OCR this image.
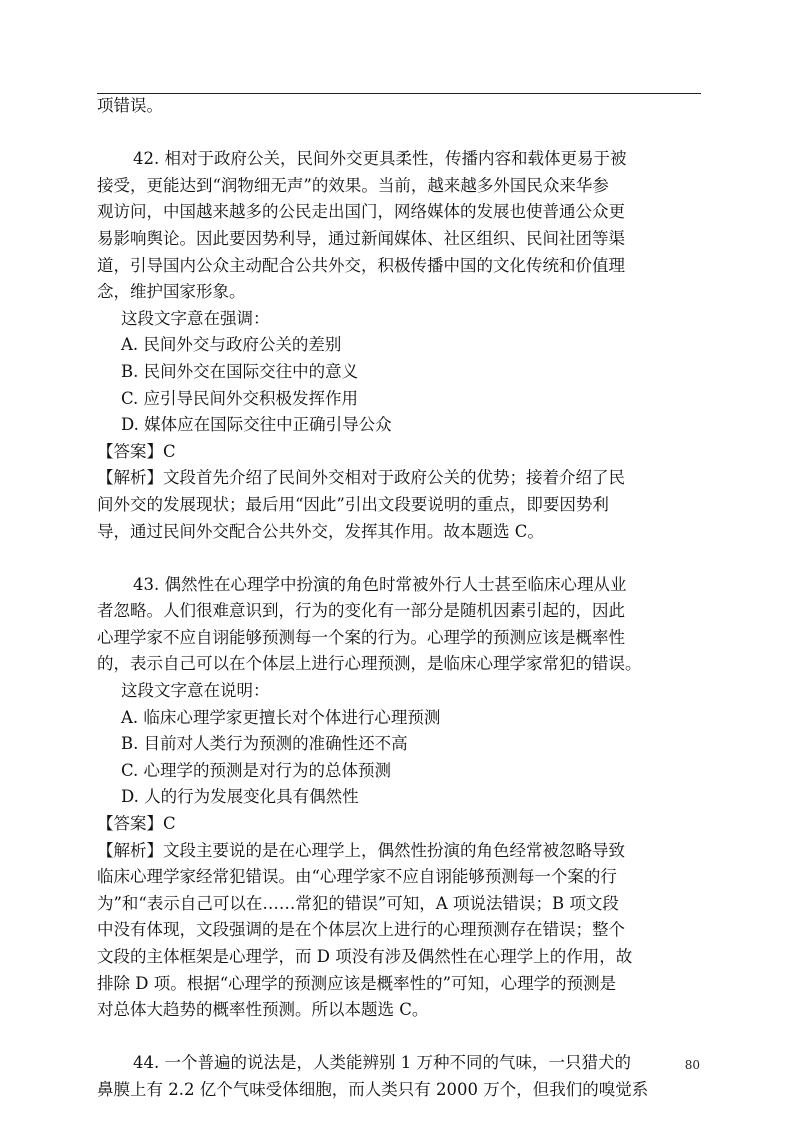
项错误。
42. 相对于政府公关，民间外交更具柔性，传播内容和载体更易于被
接受，更能达到“润物细无声”的效果。当前，越来越多外国民众来华参
观访问，中国越来越多的公民走出国门，网络媒体的发展也使普通公众更
易影响舆论。因此要因势利导，通过新闻媒体、社区组织、民间社团等渠
道，引导国内公众主动配合公共外交，积极传播中国的文化传统和价值理
念，维护国家形象。
这段文字意在强调：
A. 民间外交与政府公关的差别
B. 民间外交在国际交往中的意义
C. 应引导民间外交积极发挥作用
D. 媒体应在国际交往中正确引导公众
【答案】C
【解析】文段首先介绍了民间外交相对于政府公关的优势；接着介绍了民
间外交的发展现状；最后用“因此”引出文段要说明的重点，即要因势利
导，通过民间外交配合公共外交，发挥其作用。故本题选 C。
43. 偶然性在心理学中扮演的角色时常被外行人士甚至临床心理从业
者忽略。人们很难意识到，行为的变化有一部分是随机因素引起的，因此
心理学家不应自诩能够预测每一个案的行为。心理学的预测应该是概率性
的，表示自己可以在个体层上进行心理预测，是临床心理学家常犯的错误。
这段文字意在说明：
A. 临床心理学家更擅长对个体进行心理预测
B. 目前对人类行为预测的准确性还不高
C. 心理学的预测是对行为的总体预测
D. 人的行为发展变化具有偶然性
【答案】C
【解析】文段主要说的是在心理学上，偶然性扮演的角色经常被忽略导致
临床心理学家经常犯错误。由“心理学家不应自诩能够预测每一个案的行
为”和“表示自己可以在……常犯的错误”可知，A 项说法错误；B 项文段
中没有体现，文段强调的是在个体层次上进行的心理预测存在错误；整个
文段的主体框架是心理学，而 D 项没有涉及偶然性在心理学上的作用，故
排除 D 项。根据“心理学的预测应该是概率性的”可知，心理学的预测是
对总体大趋势的概率性预测。所以本题选 C。
44. 一个普遍的说法是，人类能辨别 1 万种不同的气味，一只猎犬的
鼻膜上有 2.2 亿个气味受体细胞，而人类只有 2000 万个，但我们的嗅觉系
80
